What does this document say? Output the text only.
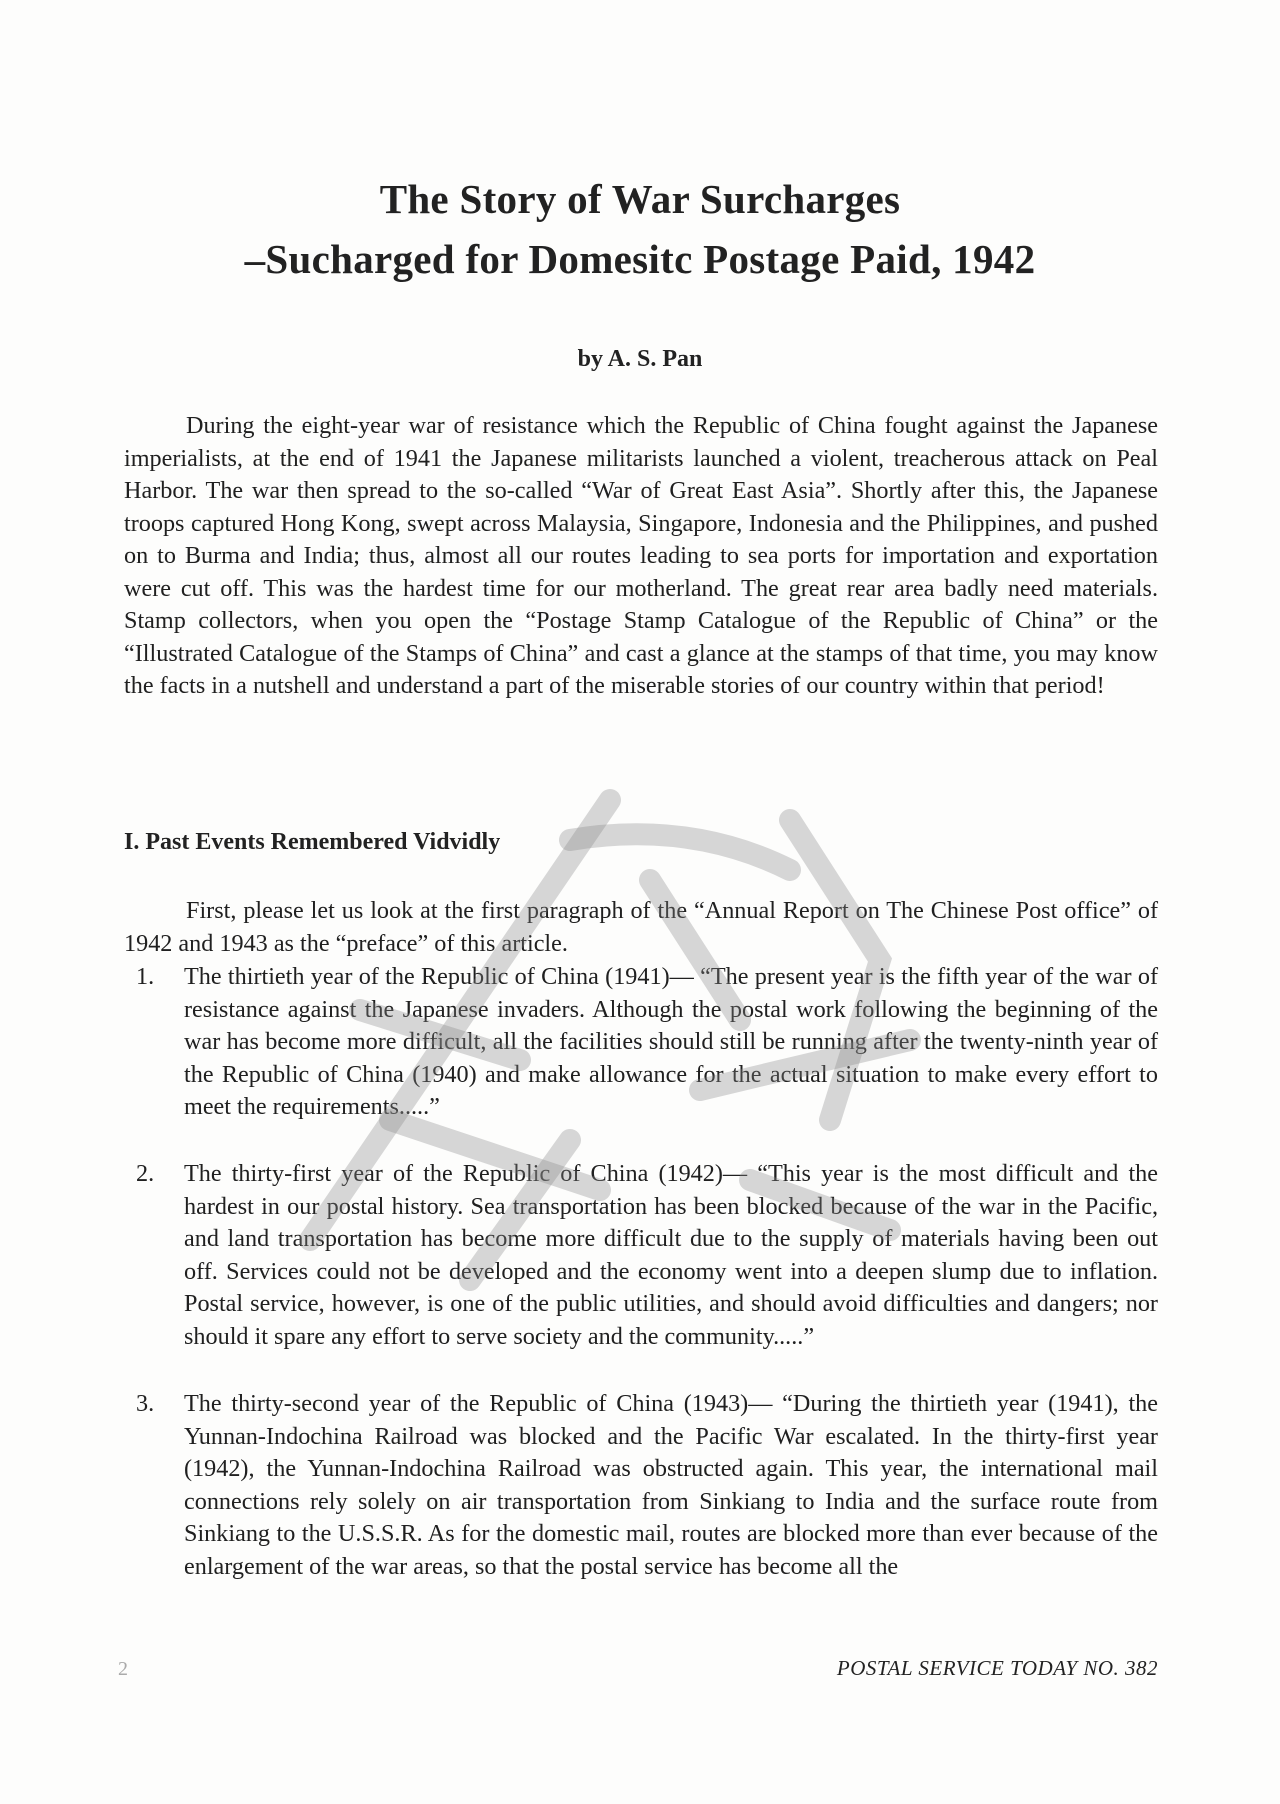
The Story of War Surcharges
–Sucharged for Domesitc Postage Paid, 1942
by A. S. Pan

During the eight-year war of resistance which the Republic of China fought against the Japanese imperialists, at the end of 1941 the Japanese militarists launched a violent, treacherous attack on Peal Harbor. The war then spread to the so-called “War of Great East Asia”. Shortly after this, the Japanese troops captured Hong Kong, swept across Malaysia, Singapore, Indonesia and the Philippines, and pushed on to Burma and India; thus, almost all our routes leading to sea ports for importation and exportation were cut off. This was the hardest time for our motherland. The great rear area badly need materials. Stamp collectors, when you open the “Postage Stamp Catalogue of the Republic of China” or the “Illustrated Catalogue of the Stamps of China” and cast a glance at the stamps of that time, you may know the facts in a nutshell and understand a part of the miserable stories of our country within that period!

I. Past Events Remembered Vidvidly

First, please let us look at the first paragraph of the “Annual Report on The Chinese Post office” of 1942 and 1943 as the “preface” of this article.

1. The thirtieth year of the Republic of China (1941)— “The present year is the fifth year of the war of resistance against the Japanese invaders. Although the postal work following the beginning of the war has become more difficult, all the facilities should still be running after the twenty-ninth year of the Republic of China (1940) and make allowance for the actual situation to make every effort to meet the requirements.....”
2. The thirty-first year of the Republic of China (1942)— “This year is the most difficult and the hardest in our postal history. Sea transportation has been blocked because of the war in the Pacific, and land transportation has become more difficult due to the supply of materials having been out off. Services could not be developed and the economy went into a deepen slump due to inflation. Postal service, however, is one of the public utilities, and should avoid difficulties and dangers; nor should it spare any effort to serve society and the community.....”
3. The thirty-second year of the Republic of China (1943)— “During the thirtieth year (1941), the Yunnan-Indochina Railroad was blocked and the Pacific War escalated. In the thirty-first year (1942), the Yunnan-Indochina Railroad was obstructed again. This year, the international mail connections rely solely on air transportation from Sinkiang to India and the surface route from Sinkiang to the U.S.S.R. As for the domestic mail, routes are blocked more than ever because of the enlargement of the war areas, so that the postal service has become all the
2	POSTAL SERVICE TODAY NO. 382
